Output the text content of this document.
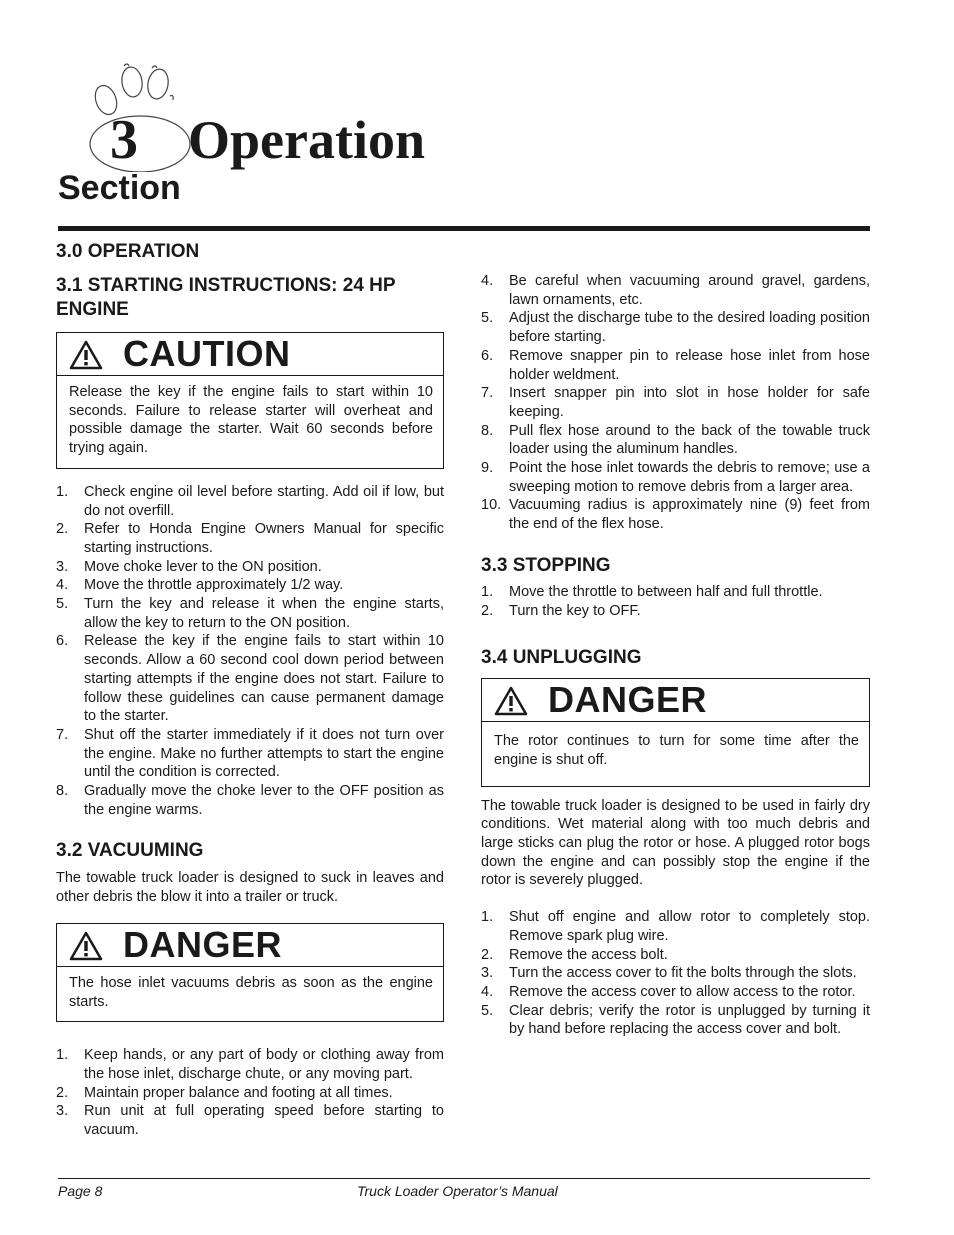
3 Operation
Section
3.0 OPERATION
3.1 STARTING INSTRUCTIONS: 24 HP ENGINE
CAUTION
Release the key if the engine fails to start within 10 seconds. Failure to release starter will overheat and possible damage the starter. Wait 60 seconds before trying again.
1.	Check engine oil level before starting. Add oil if low, but do not overfill.
2.	Refer to Honda Engine Owners Manual for specific starting instructions.
3.	Move choke lever to the ON position.
4.	Move the throttle approximately 1/2 way.
5.	Turn the key and release it when the engine starts, allow the key to return to the ON position.
6.	Release the key if the engine fails to start within 10 seconds. Allow a 60 second cool down period between starting attempts if the engine does not start. Failure to follow these guidelines can cause permanent damage to the starter.
7.	Shut off the starter immediately if it does not turn over the engine. Make no further attempts to start the engine until the condition is corrected.
8.	Gradually move the choke lever to the OFF position as the engine warms.
3.2 VACUUMING

The towable truck loader is designed to suck in leaves and other debris the blow it into a trailer or truck.

DANGER
The hose inlet vacuums debris as soon as the engine starts.
1.	Keep hands, or any part of body or clothing away from the hose inlet, discharge chute, or any moving part.
2.	Maintain proper balance and footing at all times.
3.	Run unit at full operating speed before starting to vacuum.
4.	Be careful when vacuuming around gravel, gardens, lawn ornaments, etc.
5.	Adjust the discharge tube to the desired loading position before starting.
6.	Remove snapper pin to release hose inlet from hose holder weldment.
7.	Insert snapper pin into slot in hose holder for safe keeping.
8.	Pull flex hose around to the back of the towable truck loader using the aluminum handles.
9.	Point the hose inlet towards the debris to remove; use a sweeping motion to remove debris from a larger area.
10. Vacuuming radius is approximately nine (9) feet from the end of the flex hose.
3.3 STOPPING
1.	Move the throttle to between half and full throttle.
2.	Turn the key to OFF.
3.4 UNPLUGGING
DANGER
The rotor continues to turn for some time after the engine is shut off.

The towable truck loader is designed to be used in fairly dry conditions. Wet material along with too much debris and large sticks can plug the rotor or hose. A plugged rotor bogs down the engine and can possibly stop the engine if the rotor is severely plugged.

1.	Shut off engine and allow rotor to completely stop. Remove spark plug wire.
2.	Remove the access bolt.
3.	Turn the access cover to fit the bolts through the slots.
4.	Remove the access cover to allow access to the rotor.
5.	Clear debris; verify the rotor is unplugged by turning it by hand before replacing the access cover and bolt.
Page 8	Truck Loader Operator’s Manual
